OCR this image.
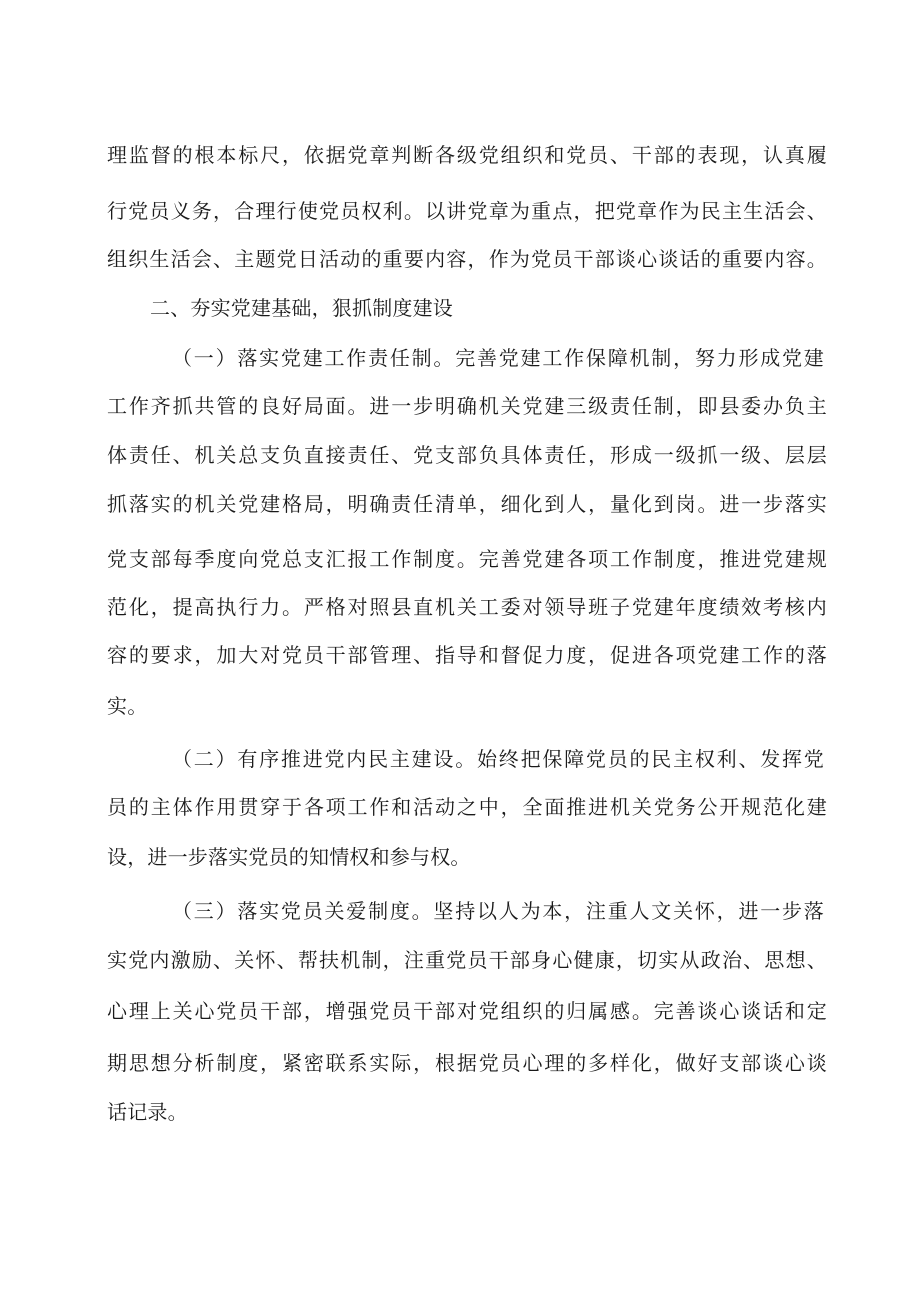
理监督的根本标尺，依据党章判断各级党组织和党员、干部的表现，认真履
行党员义务，合理行使党员权利。以讲党章为重点，把党章作为民主生活会、
组织生活会、主题党日活动的重要内容，作为党员干部谈心谈话的重要内容。
二、夯实党建基础，狠抓制度建设
（一）落实党建工作责任制。完善党建工作保障机制，努力形成党建
工作齐抓共管的良好局面。进一步明确机关党建三级责任制，即县委办负主
体责任、机关总支负直接责任、党支部负具体责任，形成一级抓一级、层层
抓落实的机关党建格局，明确责任清单，细化到人，量化到岗。进一步落实
党支部每季度向党总支汇报工作制度。完善党建各项工作制度，推进党建规
范化，提高执行力。严格对照县直机关工委对领导班子党建年度绩效考核内
容的要求，加大对党员干部管理、指导和督促力度，促进各项党建工作的落
实。
（二）有序推进党内民主建设。始终把保障党员的民主权利、发挥党
员的主体作用贯穿于各项工作和活动之中，全面推进机关党务公开规范化建
设，进一步落实党员的知情权和参与权。
（三）落实党员关爱制度。坚持以人为本，注重人文关怀，进一步落
实党内激励、关怀、帮扶机制，注重党员干部身心健康，切实从政治、思想、
心理上关心党员干部，增强党员干部对党组织的归属感。完善谈心谈话和定
期思想分析制度，紧密联系实际，根据党员心理的多样化，做好支部谈心谈
话记录。
